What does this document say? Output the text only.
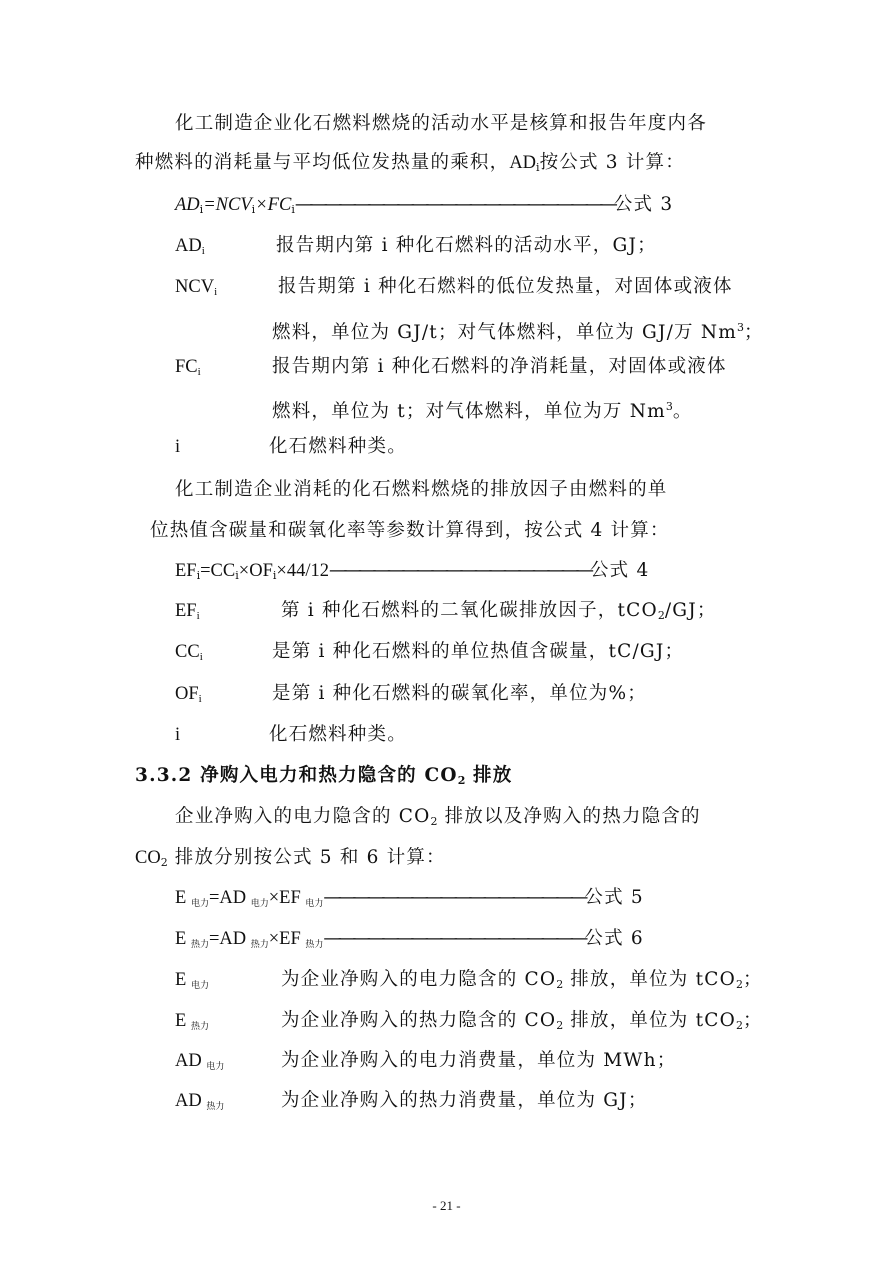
化工制造企业化石燃料燃烧的活动水平是核算和报告年度内各
种燃料的消耗量与平均低位发热量的乘积，$AD_i$按公式 3 计算：
$AD_i=NCV_i\times FC_i——————————————————————$公式 3
$AD_i$	报告期内第 i 种化石燃料的活动水平，GJ；
$NCV_i$	报告期第 i 种化石燃料的低位发热量，对固体或液体
燃料，单位为 GJ/t；对气体燃料，单位为 GJ/万 Nm$^3$；
$FC_i$	报告期内第 i 种化石燃料的净消耗量，对固体或液体
燃料，单位为 t；对气体燃料，单位为万 Nm$^3$。
i	化石燃料种类。
化工制造企业消耗的化石燃料燃烧的排放因子由燃料的单
位热值含碳量和碳氧化率等参数计算得到，按公式 4 计算：
$EF_i=CC_i\times OF_i\times 44/12——————————————————$公式 4
$EF_i$	第 i 种化石燃料的二氧化碳排放因子，tCO$_2$/GJ；
$CC_i$	是第 i 种化石燃料的单位热值含碳量，tC/GJ；
$OF_i$	是第 i 种化石燃料的碳氧化率，单位为%；
i	化石燃料种类。
3.3.2 净购入电力和热力隐含的 $CO_2$ 排放
企业净购入的电力隐含的 $CO_2$ 排放以及净购入的热力隐含的
$CO_2$ 排放分别按公式 5 和 6 计算：
E $_{电力}$=AD $_{电力}$×EF $_{电力}$——————————————————公式 5
E $_{热力}$=AD $_{热力}$×EF $_{热力}$——————————————————公式 6
E $_{电力}$	为企业净购入的电力隐含的 $CO_2$ 排放，单位为 tCO$_2$；
E $_{热力}$	为企业净购入的热力隐含的 $CO_2$ 排放，单位为 tCO$_2$；
AD $_{电力}$	为企业净购入的电力消费量，单位为 MWh；
AD $_{热力}$	为企业净购入的热力消费量，单位为 GJ；
- 21 -
